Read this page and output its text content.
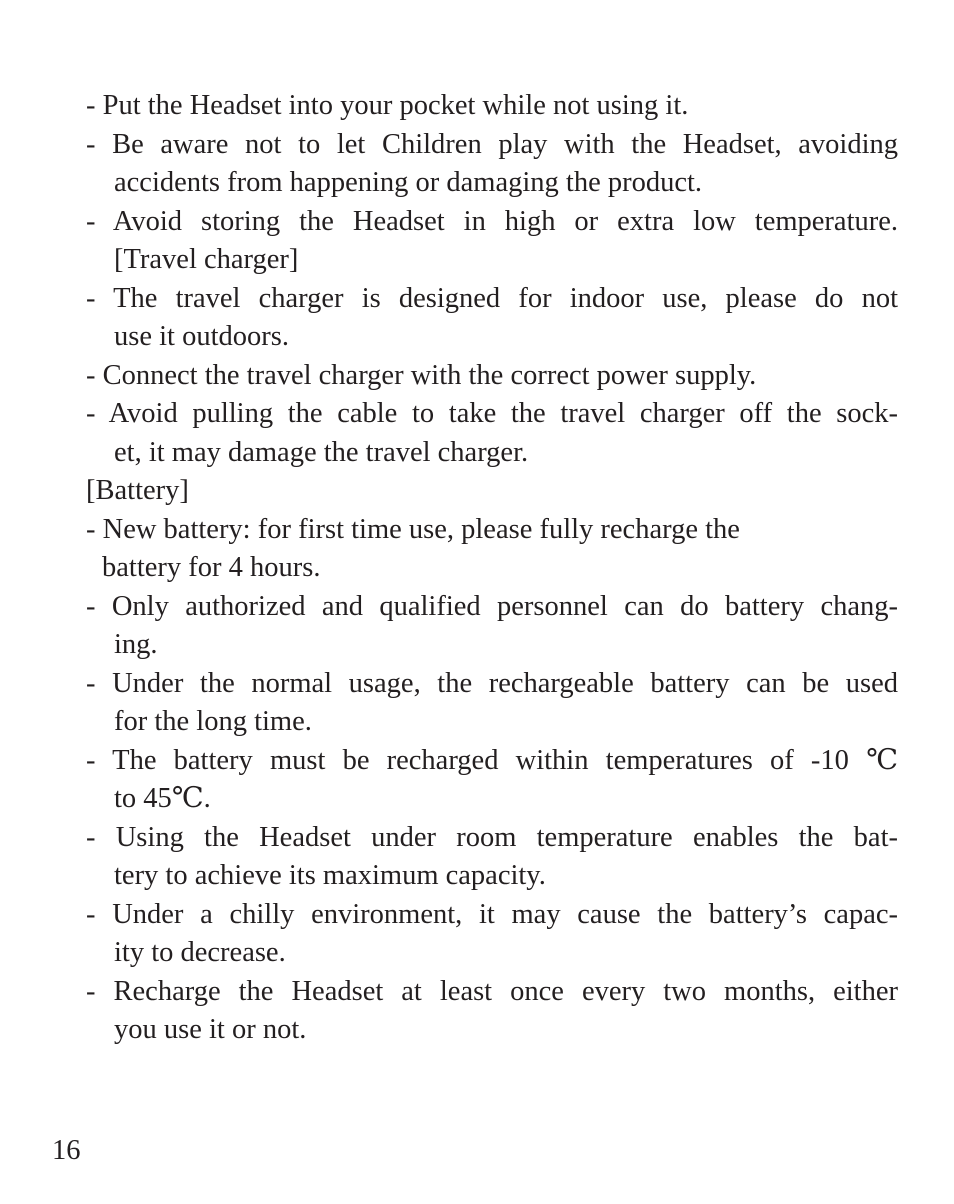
- Put the Headset into your pocket while not using it.
- Be aware not to let Children play with the Headset, avoiding
accidents from happening or damaging the product.
- Avoid storing the Headset in high or extra low temperature.
[Travel charger]
- The travel charger is designed for indoor use, please do not
use it outdoors.
- Connect the travel charger with the correct power supply.
- Avoid pulling the cable to take the travel charger off the sock-
et, it may damage the travel charger.
[Battery]
- New battery: for first time use, please fully recharge the
battery for 4 hours.
- Only authorized and qualified personnel can do battery chang-
ing.
- Under the normal usage, the rechargeable battery can be used
for the long time.
- The battery must be recharged within temperatures of -10 ℃
to 45℃.
- Using the Headset under room temperature enables the bat-
tery to achieve its maximum capacity.
- Under a chilly environment, it may cause the battery’s capac-
ity to decrease.
- Recharge the Headset at least once every two months, either
you use it or not.
16
